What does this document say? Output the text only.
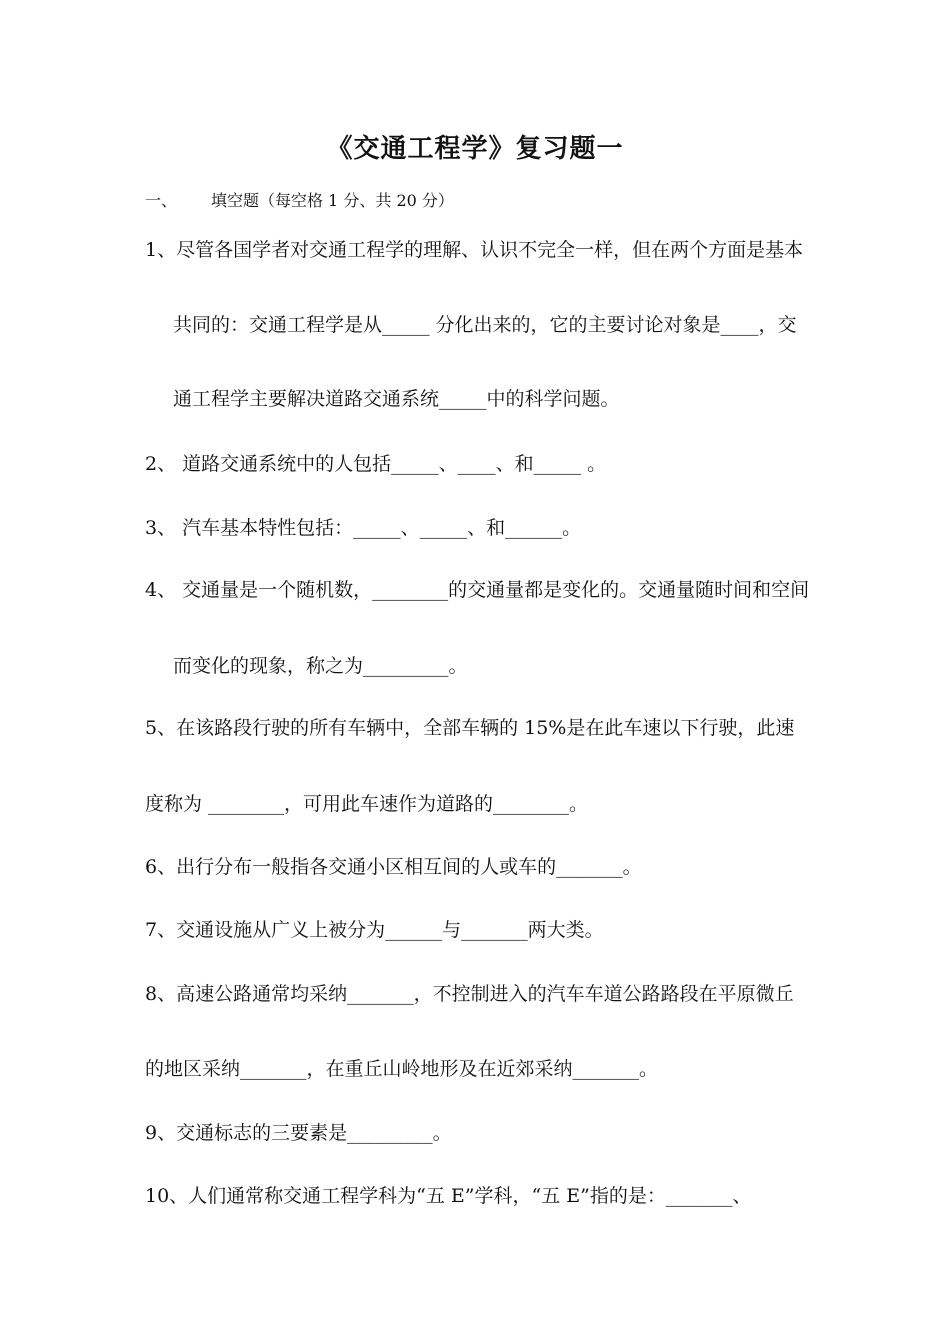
《交通工程学》复习题一
一、 填空题（每空格 1 分、共 20 分）
1、尽管各国学者对交通工程学的理解、认识不完全一样，但在两个方面是基本
共同的：交通工程学是从_____ 分化出来的，它的主要讨论对象是____，交
通工程学主要解决道路交通系统_____中的科学问题。
2、 道路交通系统中的人包括_____、____、和_____ 。
3、 汽车基本特性包括：_____、_____、和______。
4、 交通量是一个随机数，________的交通量都是变化的。交通量随时间和空间
而变化的现象，称之为_________。
5、在该路段行驶的所有车辆中，全部车辆的 15%是在此车速以下行驶，此速
度称为 ________，可用此车速作为道路的________。
6、出行分布一般指各交通小区相互间的人或车的_______。
7、交通设施从广义上被分为______与_______两大类。
8、高速公路通常均采纳_______，不控制进入的汽车车道公路路段在平原微丘
的地区采纳_______，在重丘山岭地形及在近郊采纳_______。
9、交通标志的三要素是_________。
10、人们通常称交通工程学科为“五 E”学科，“五 E”指的是：_______、
